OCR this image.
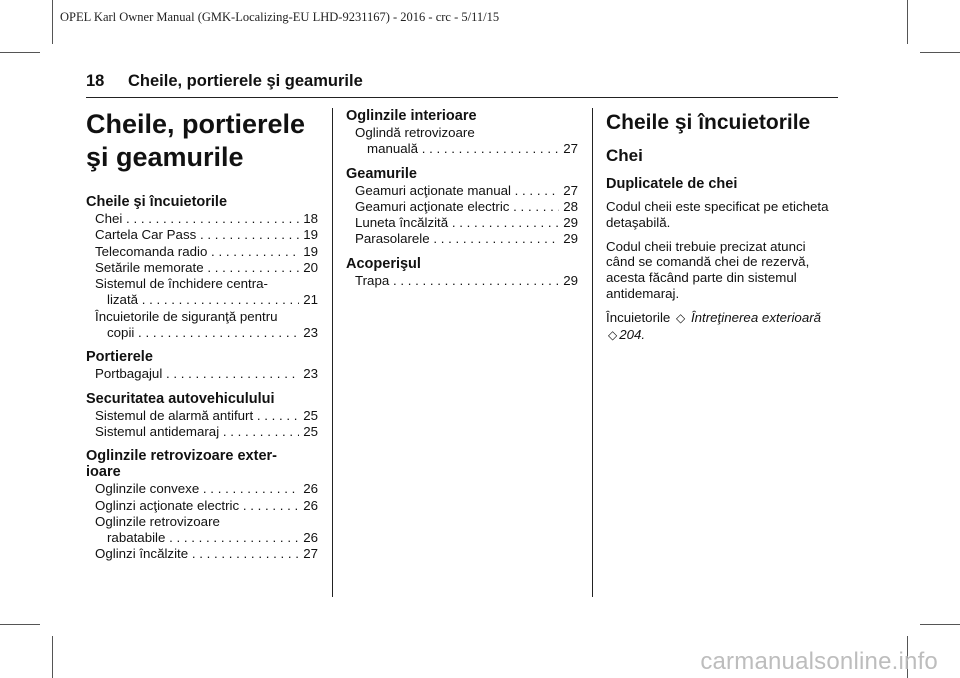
OPEL Karl Owner Manual (GMK-Localizing-EU LHD-9231167) - 2016 - crc - 5/11/15
18 Cheile, portierele şi geamurile
Cheile, portierele şi geamurile
Cheile şi încuietorile
18
Chei . . .
19
Cartela Car Pass . . .
19
Telecomanda radio . . .
20
Setările memorate . . .
Sistemul de închidere centra-
21
lizată . . .
Încuietorile de siguranţă pentru
23
copii . . .
Portierele
23
Portbagajul . . .
Securitatea autovehiculului
25
Sistemul de alarmă antifurt . . .
25
Sistemul antidemaraj . . .
Oglinzile retrovizoare exter-ioare
26
Oglinzile convexe . . .
26
Oglinzi acţionate electric . . .
Oglinzile retrovizoare
26
rabatabile . . .
27
Oglinzi încălzite . . .
Oglinzile interioare
Oglindă retrovizoare
27
manuală . . .
Geamurile
27
Geamuri acţionate manual . . .
28
Geamuri acţionate electric . . .
29
Luneta încălzită . . .
29
Parasolarele . . .
Acoperişul
29
Trapa . . .
Cheile şi încuietorile
Chei
Duplicatele de chei
Codul cheii este specificat pe eticheta detaşabilă.
Codul cheii trebuie precizat atunci când se comandă chei de rezervă, acesta făcând parte din sistemul antidemaraj.
Încuietorile ◇ Întreţinerea exterioară◇ 204.
carmanualsonline.info
